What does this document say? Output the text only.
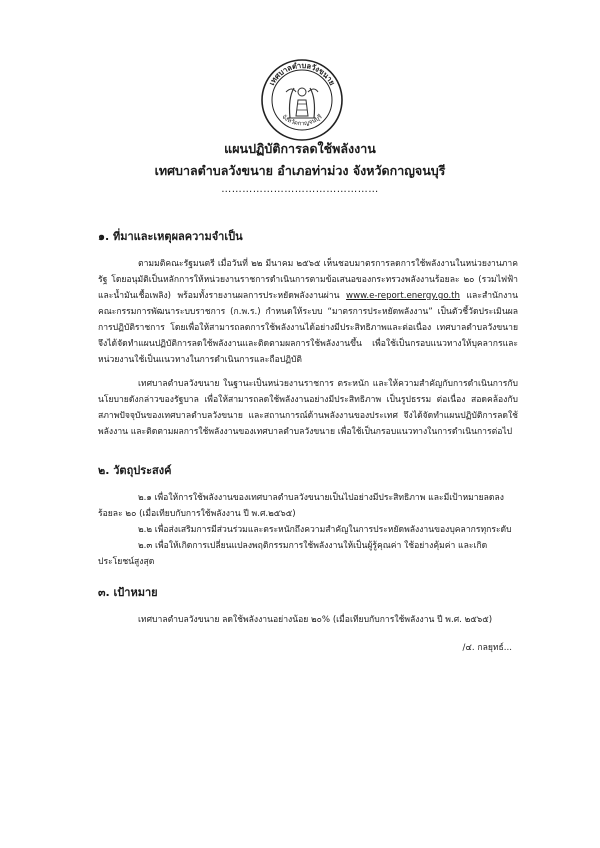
เทศบาลตำบลวังขนาย
จังหวัดกาญจนบุรี
แผนปฏิบัติการลดใช้พลังงาน
เทศบาลตำบลวังขนาย อำเภอท่าม่วง จังหวัดกาญจนบุรี
………………………………………
๑. ที่มาและเหตุผลความจำเป็น

ตามมติคณะรัฐมนตรี เมื่อวันที่ ๒๒ มีนาคม ๒๕๖๕ เห็นชอบมาตรการลดการใช้พลังงานในหน่วยงานภาครัฐ โดยอนุมัติเป็นหลักการให้หน่วยงานราชการดำเนินการตามข้อเสนอของกระทรวงพลังงานร้อยละ ๒๐ (รวมไฟฟ้าและน้ำมันเชื้อเพลิง) พร้อมทั้งรายงานผลการประหยัดพลังงานผ่าน www.e-report.energy.go.th และสำนักงานคณะกรรมการพัฒนาระบบราชการ (ก.พ.ร.) กำหนดให้ระบบ “มาตรการประหยัดพลังงาน” เป็นตัวชี้วัดประเมินผลการปฏิบัติราชการ โดยเพื่อให้สามารถลดการใช้พลังงานได้อย่างมีประสิทธิภาพและต่อเนื่อง เทศบาลตำบลวังขนาย จึงได้จัดทำแผนปฏิบัติการลดใช้พลังงานและติดตามผลการใช้พลังงานขึ้น เพื่อใช้เป็นกรอบแนวทางให้บุคลากรและหน่วยงานใช้เป็นแนวทางในการดำเนินการและถือปฏิบัติ

เทศบาลตำบลวังขนาย ในฐานะเป็นหน่วยงานราชการ ตระหนัก และให้ความสำคัญกับการดำเนินการกับนโยบายดังกล่าวของรัฐบาล เพื่อให้สามารถลดใช้พลังงานอย่างมีประสิทธิภาพ เป็นรูปธรรม ต่อเนื่อง สอดคล้องกับสภาพปัจจุบันของเทศบาลตำบลวังขนาย และสถานการณ์ด้านพลังงานของประเทศ จึงได้จัดทำแผนปฏิบัติการลดใช้พลังงาน และติดตามผลการใช้พลังงานของเทศบาลตำบลวังขนาย เพื่อใช้เป็นกรอบแนวทางในการดำเนินการต่อไป

๒. วัตถุประสงค์

๒.๑ เพื่อให้การใช้พลังงานของเทศบาลตำบลวังขนายเป็นไปอย่างมีประสิทธิภาพ และมีเป้าหมายลดลงร้อยละ ๒๐ (เมื่อเทียบกับการใช้พลังงาน ปี พ.ศ.๒๕๖๕)

๒.๒ เพื่อส่งเสริมการมีส่วนร่วมและตระหนักถึงความสำคัญในการประหยัดพลังงานของบุคลากรทุกระดับ

๒.๓ เพื่อให้เกิดการเปลี่ยนแปลงพฤติกรรมการใช้พลังงานให้เป็นผู้รู้คุณค่า ใช้อย่างคุ้มค่า และเกิดประโยชน์สูงสุด

๓. เป้าหมาย

เทศบาลตำบลวังขนาย ลดใช้พลังงานอย่างน้อย ๒๐% (เมื่อเทียบกับการใช้พลังงาน ปี พ.ศ. ๒๕๖๕)

/๔. กลยุทธ์...
